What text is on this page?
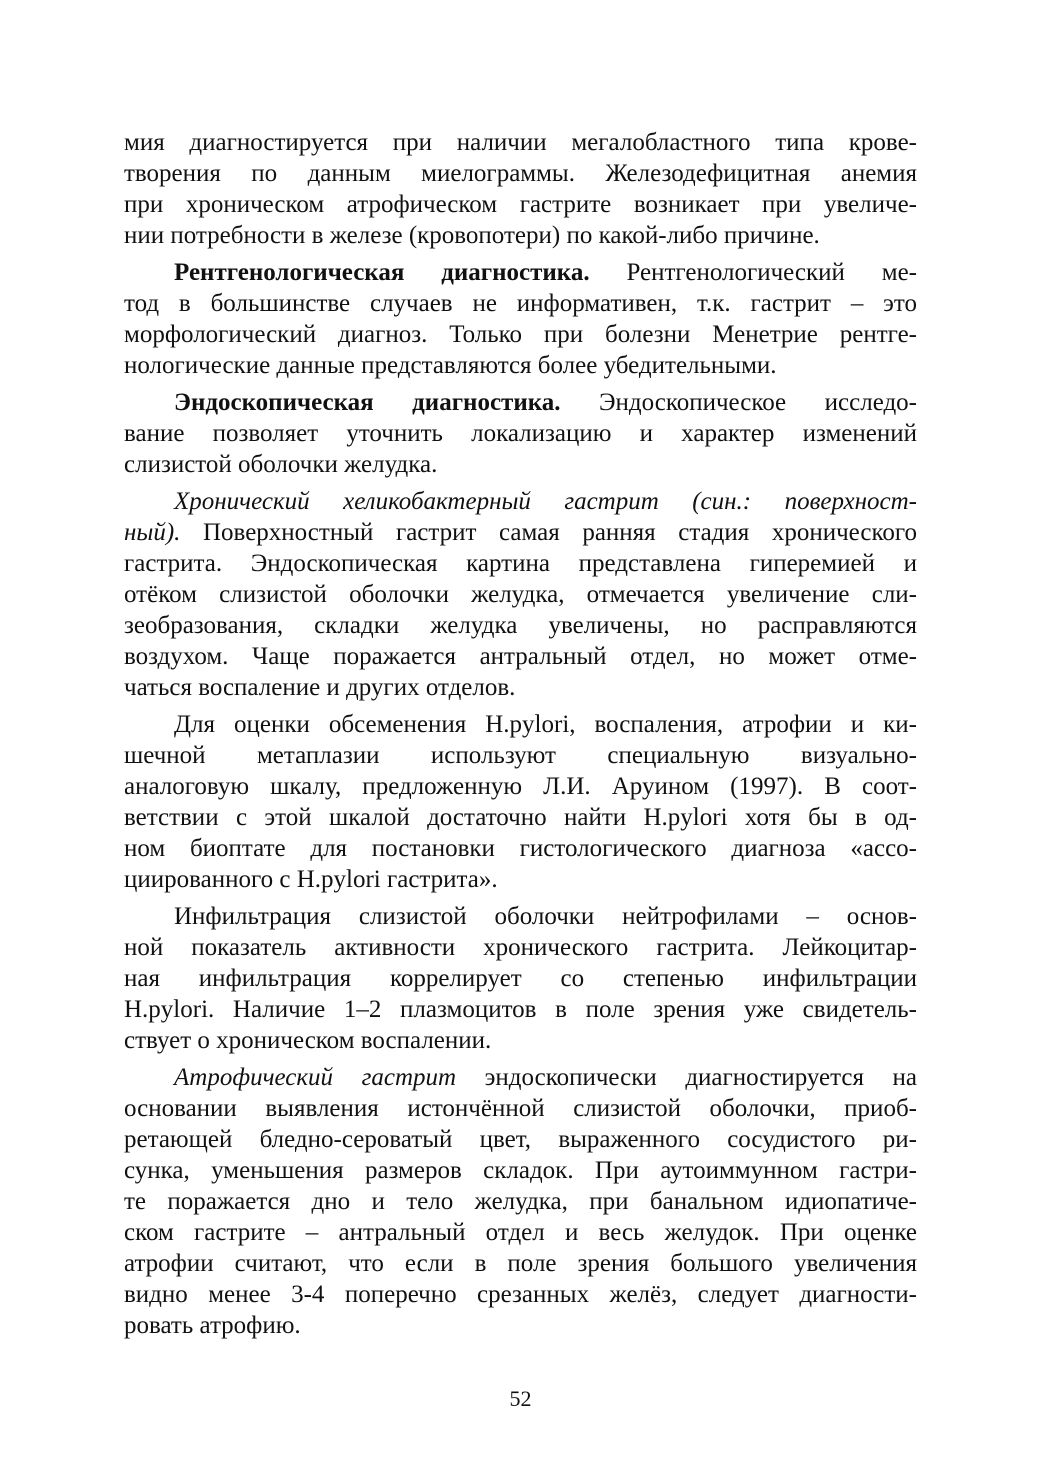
мия диагностируется при наличии мегалобластного типа крове-
творения по данным миелограммы. Железодефицитная анемия
при хроническом атрофическом гастрите возникает при увеличе-
нии потребности в железе (кровопотери) по какой-либо причине.
Рентгенологическая диагностика. Рентгенологический ме-
тод в большинстве случаев не информативен, т.к. гастрит – это
морфологический диагноз. Только при болезни Менетрие рентге-
нологические данные представляются более убедительными.
Эндоскопическая диагностика. Эндоскопическое исследо-
вание позволяет уточнить локализацию и характер изменений
слизистой оболочки желудка.
Хронический хеликобактерный гастрит (син.: поверхност-
ный). Поверхностный гастрит самая ранняя стадия хронического
гастрита. Эндоскопическая картина представлена гиперемией и
отёком слизистой оболочки желудка, отмечается увеличение сли-
зеобразования, складки желудка увеличены, но расправляются
воздухом. Чаще поражается антральный отдел, но может отме-
чаться воспаление и других отделов.
Для оценки обсеменения H.pylori, воспаления, атрофии и ки-
шечной метаплазии используют специальную визуально-
аналоговую шкалу, предложенную Л.И. Аруином (1997). В соот-
ветствии с этой шкалой достаточно найти H.pylori хотя бы в од-
ном биоптате для постановки гистологического диагноза «ассо-
циированного с H.pylori гастрита».
Инфильтрация слизистой оболочки нейтрофилами – основ-
ной показатель активности хронического гастрита. Лейкоцитар-
ная инфильтрация коррелирует со степенью инфильтрации
H.pylori. Наличие 1–2 плазмоцитов в поле зрения уже свидетель-
ствует о хроническом воспалении.
Атрофический гастрит эндоскопически диагностируется на
основании выявления истончённой слизистой оболочки, приоб-
ретающей бледно-сероватый цвет, выраженного сосудистого ри-
сунка, уменьшения размеров складок. При аутоиммунном гастри-
те поражается дно и тело желудка, при банальном идиопатиче-
ском гастрите – антральный отдел и весь желудок. При оценке
атрофии считают, что если в поле зрения большого увеличения
видно менее 3-4 поперечно срезанных желёз, следует диагности-
ровать атрофию.
52
